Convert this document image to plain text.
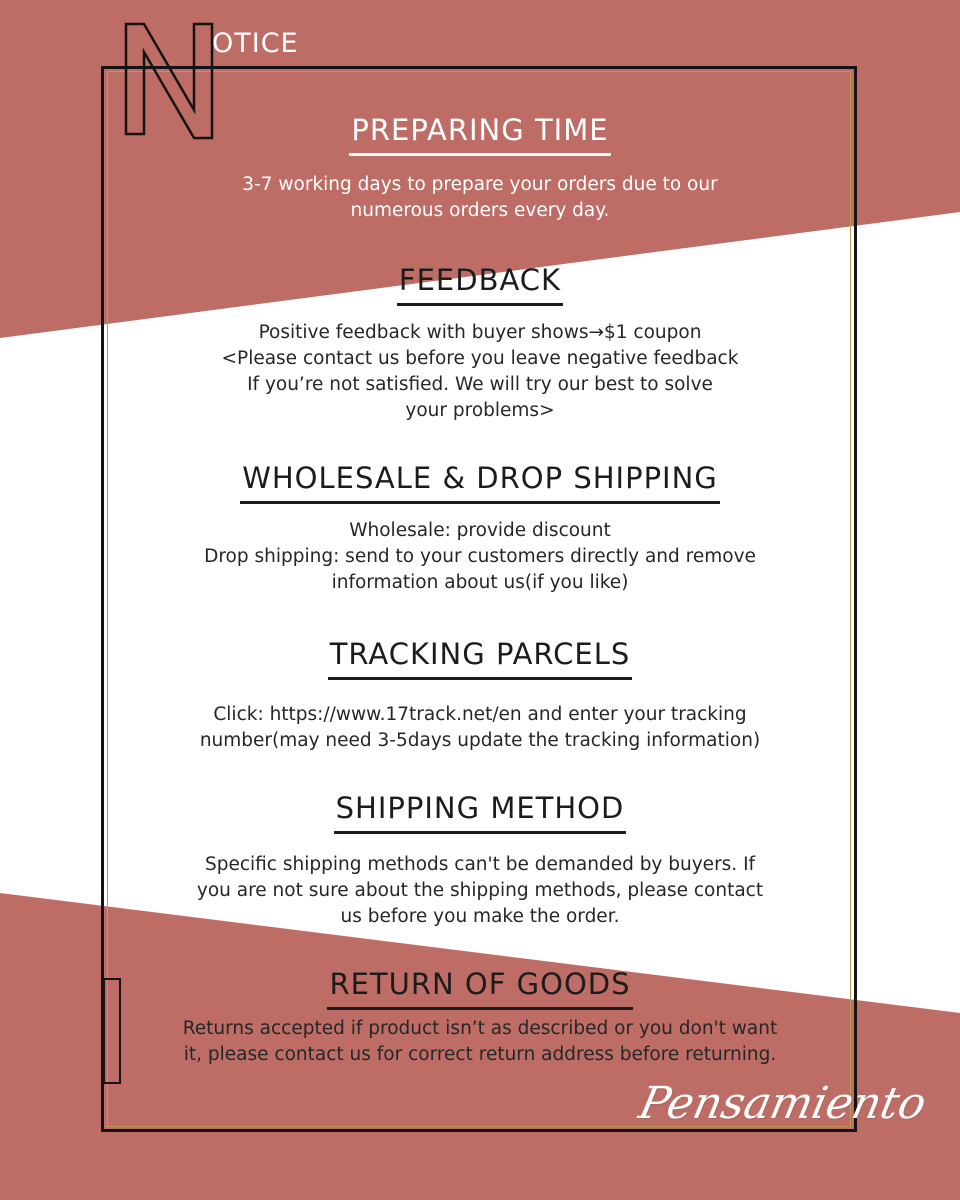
N

OTICE

PREPARING TIME

3-7 working days to prepare your orders due to our
numerous orders every day.

FEEDBACK

Positive feedback with buyer shows→$1 coupon
<Please contact us before you leave negative feedback
If you’re not satisfied. We will try our best to solve
your problems>

WHOLESALE & DROP SHIPPING

Wholesale: provide discount
Drop shipping: send to your customers directly and remove
information about us(if you like)

TRACKING PARCELS

Click: https://www.17track.net/en and enter your tracking
number(may need 3-5days update the tracking information)

SHIPPING METHOD

Specific shipping methods can't be demanded by buyers. If
you are not sure about the shipping methods, please contact
us before you make the order.

RETURN OF GOODS

Returns accepted if product isn’t as described or you don't want
it, please contact us for correct return address before returning.

Pensamiento
